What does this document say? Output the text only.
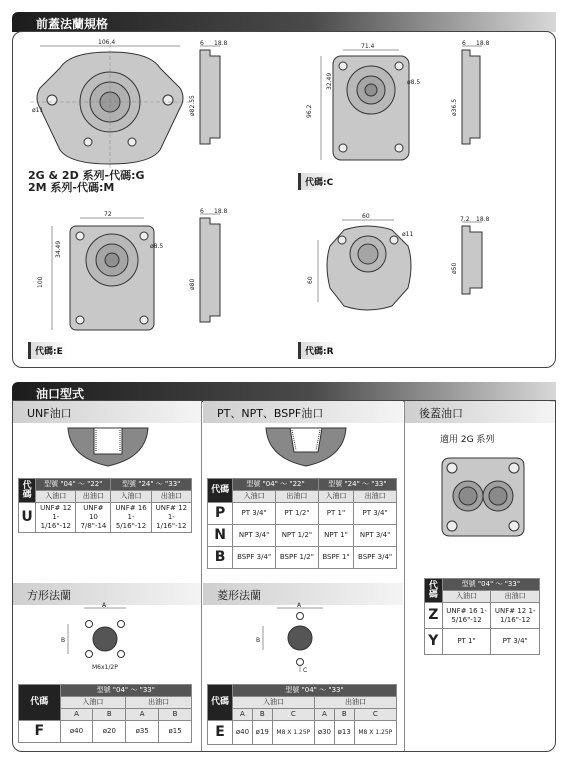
前蓋法蘭規格
106.4
ø11
6 18.8
ø82.55
2G & 2D 系列-代碼:G
2M 系列-代碼:M
71.4
96.2
32.49	ø8.5
6 18.8
ø36.5
代碼:C
72
100
34.49	ø8.5
6 18.8
ø80
代碼:E
60
60
ø11
7.2 18.8
ø50
代碼:R
油口型式
UNF油口	PT、NPT、BSPF油口	後蓋油口
代碼	型號 "04" ～ "22"		型號 "24" ～ "33"	
	入油口	出油口	入油口	出油口
U	UNF# 12 1-1/16"-12	UNF# 10 7/8"-14	UNF# 16 1-5/16"-12	UNF# 12 1-1/16"-12
代碼	型號 "04" ～ "22"		型號 "24" ～ "33"	
	入油口	出油口	入油口	出油口
P	PT 3/4"	PT 1/2"	PT 1"	PT 3/4"
N	NPT 3/4"	NPT 1/2"	NPT 1"	NPT 3/4"
B	BSPF 3/4"	BSPF 1/2"	BSPF 1"	BSPF 3/4"
適用 2G 系列
代碼	型號 "04" ～ "33"	
	入油口	出油口
Z	UNF# 16 1-5/16"-12	UNF# 12 1-1/16"-12
Y	PT 1"	PT 3/4"
方形法蘭
A
B
M6x1/2P
代碼	型號 "04" ～ "33"			
	入油口		出油口	
	A	B	A	B
F	ø40	ø20	ø35	ø15
菱形法蘭
A
B
C
代碼	型號 "04" ～ "33"					
	入油口			出油口		
	A	B	C	A	B	C
E	ø40	ø19	M8 X 1.25P	ø30	ø13	M8 X 1.25P
